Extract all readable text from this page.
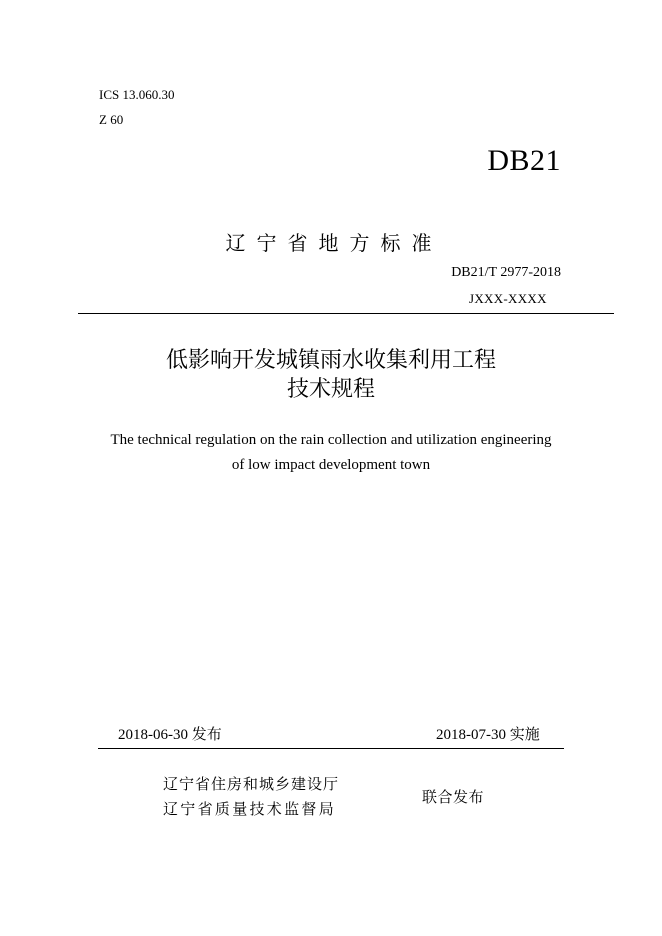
ICS 13.060.30
Z 60
DB21
辽宁省地方标准
DB21/T 2977-2018
JXXX-XXXX
低影响开发城镇雨水收集利用工程
技术规程
The technical regulation on the rain collection and utilization engineering
of low impact development town
2018-06-30 发布	2018-07-30 实施
辽宁省住房和城乡建设厅
辽宁省质量技术监督局
联合发布
